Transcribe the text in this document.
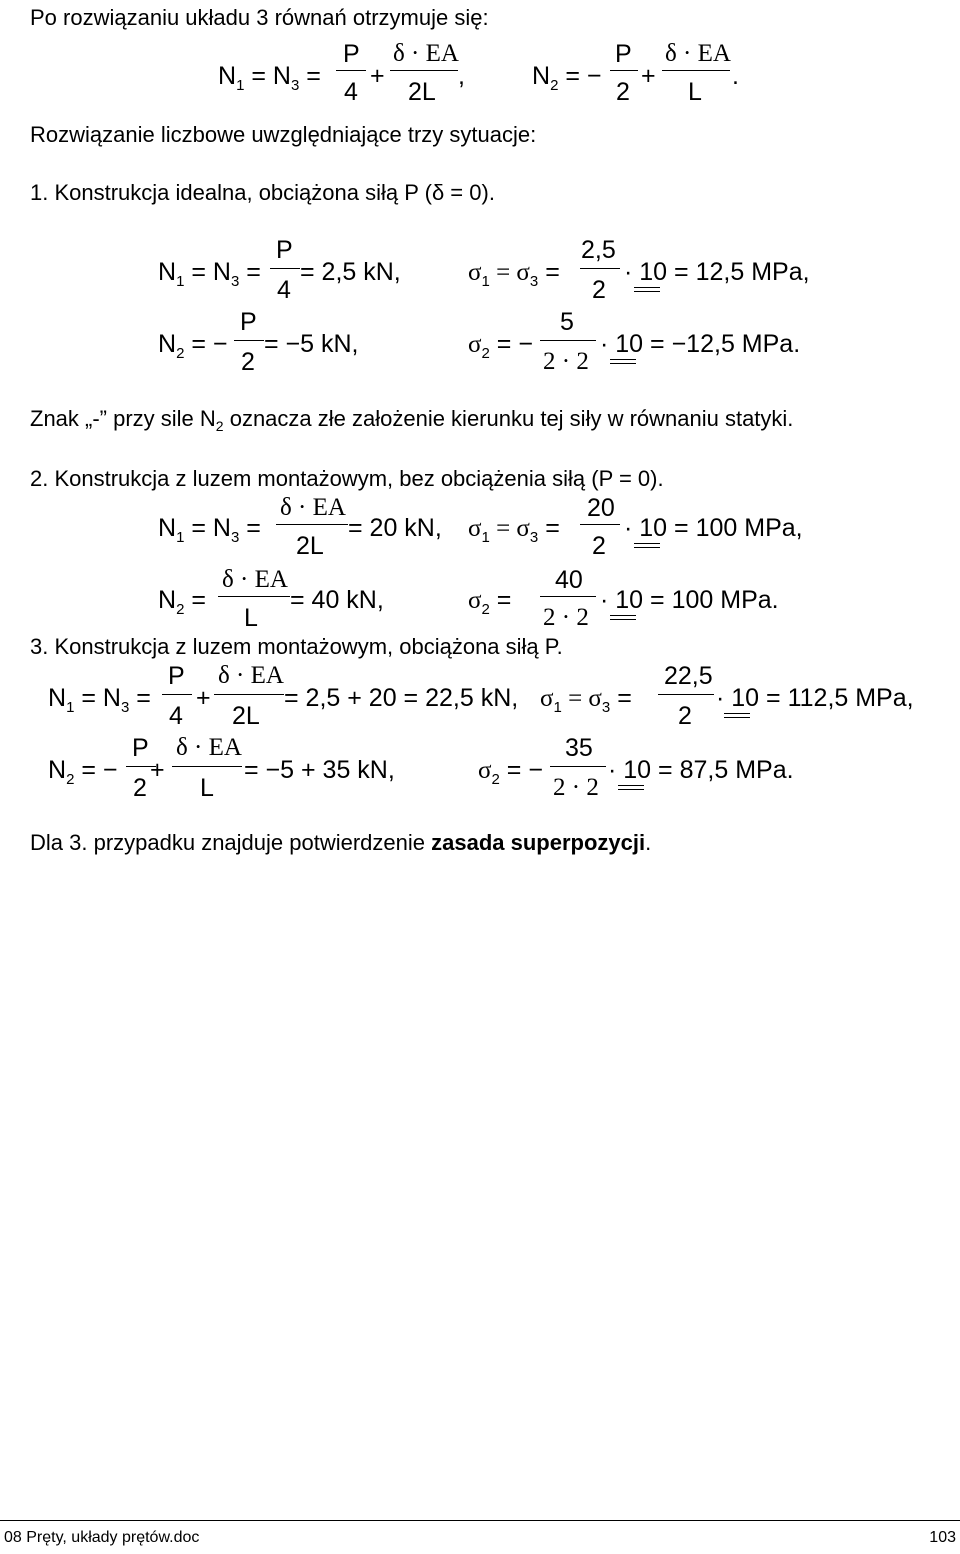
Po rozwiązaniu układu 3 równań otrzymuje się:
$N_1 = N_3$ =
P
4
+
δ · EA
2L
,	$N_2$ = −
P
2
+
δ · EA
L
.
Rozwiązanie liczbowe uwzględniające trzy sytuacje:
1. Konstrukcja idealna, obciążona siłą P (δ = 0).
$N_1 = N_3$ =
P
4
= 2,5 kN,	$\sigma_1 = \sigma_3$ =
2,5
2
· 10 = 12,5 MPa,
$N_2$ = −
P
2
= −5 kN,	$\sigma_2$ = −
5
2 · 2
· 10 = −12,5 MPa.
Znak „-” przy sile $N_2$ oznacza złe założenie kierunku tej siły w równaniu statyki.
2. Konstrukcja z luzem montażowym, bez obciążenia siłą (P = 0).
$N_1 = N_3$ =
δ · EA
2L
= 20 kN, $\sigma_1 = \sigma_3$ =
20
2
· 10 = 100 MPa,
$N_2$ =
δ · EA
L
= 40 kN,	$\sigma_2$ =
40
2 · 2
· 10 = 100 MPa.
3. Konstrukcja z luzem montażowym, obciążona siłą P.
$N_1 = N_3$ =
P
4
+
δ · EA
2L
= 2,5 + 20 = 22,5 kN, $\sigma_1 = \sigma_3$ =
22,5
2
· 10 = 112,5 MPa,
$N_2$ = −
P
2
+
δ · EA
L
= −5 + 35 kN,	$\sigma_2$ = −
35
2 · 2
· 10 = 87,5 MPa.
Dla 3. przypadku znajduje potwierdzenie zasada superpozycji.
08 Pręty, układy prętów.doc	103
